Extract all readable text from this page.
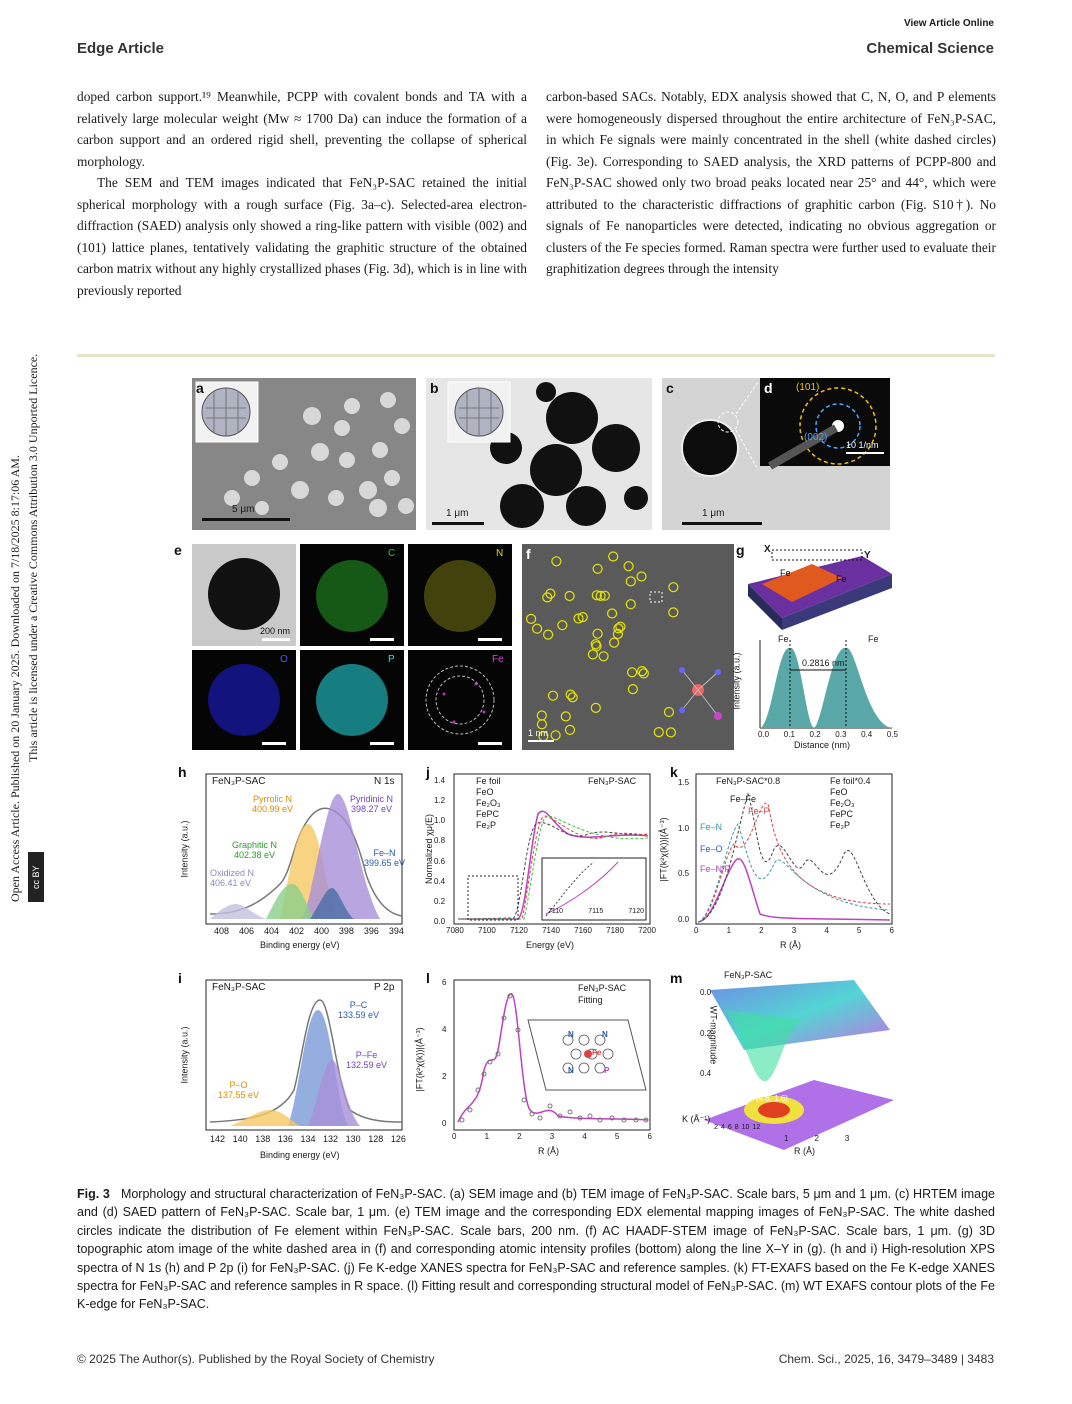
View Article Online
Edge Article	Chemical Science
Open Access Article. Published on 20 January 2025. Downloaded on 7/18/2025 8:17:06 AM. This article is licensed under a Creative Commons Attribution 3.0 Unported Licence.
cc BY

doped carbon support.¹⁹ Meanwhile, PCPP with covalent bonds and TA with a relatively large molecular weight (Mw ≈ 1700 Da) can induce the formation of a carbon support and an ordered rigid shell, preventing the collapse of spherical morphology.

The SEM and TEM images indicated that FeN₃P-SAC retained the initial spherical morphology with a rough surface (Fig. 3a–c). Selected-area electron-diffraction (SAED) analysis only showed a ring-like pattern with visible (002) and (101) lattice planes, tentatively validating the graphitic structure of the obtained carbon matrix without any highly crystallized phases (Fig. 3d), which is in line with previously reported

carbon-based SACs. Notably, EDX analysis showed that C, N, O, and P elements were homogeneously dispersed throughout the entire architecture of FeN₃P-SAC, in which Fe signals were mainly concentrated in the shell (white dashed circles) (Fig. 3e). Corresponding to SAED analysis, the XRD patterns of PCPP-800 and FeN₃P-SAC showed only two broad peaks located near 25° and 44°, which were attributed to the characteristic diffractions of graphitic carbon (Fig. S10†). No signals of Fe nanoparticles were detected, indicating no obvious aggregation or clusters of the Fe species formed. Raman spectra were further used to evaluate their graphitization degrees through the intensity

a
5 μm
b
1 μm
c
1 μm
d (101)
(002)
10 1/nm
e
200 nm
C	N
O	P	Fe
f
1 nm
g X
Y
Fe
Fe
Fe	Fe
0.2816 nm
Intensity (a.u.)
0.0 0.1 0.2 0.3 0.4 0.5
Distance (nm)
h
FeN₃P-SAC	N 1s
Pyrrolic N
400.99 eV
Pyridinic N
398.27 eV
Graphitic N
402.38 eV	Fe–N
399.65 eV
Oxidized N
406.41 eV
Intensity (a.u.)
408 406 404 402 400 398 396 394
Binding energy (eV)
j
Fe foil
FeO
Fe₂O₃
FePC
Fe₂P
FeN₃P-SAC
Normalized χμ(E)
0.0
0.2
0.4
0.6
0.8
1.0
1.2
1.4
7080 7100 7120 7140 7160 7180 7200
Energy (eV)
7110	7115	7120
k
FeN₃P-SAC*0.8	Fe foil*0.4
FeO
Fe₂O₃
FePC
Fe₂P
Fe–Fe
Fe–P
Fe–N
Fe–O
Fe–N/P
|FT(k²χ(k))|(Å⁻³)
0.0
0.5
1.0
1.5
0	1	2	3	4	5	6
R (Å)
i
FeN₃P-SAC	P 2p
P–C
133.59 eV
P–Fe
132.59 eV
P–O
137.55 eV
Intensity (a.u.)
142 140 138 136 134 132 130 128 126
Binding energy (eV)
l
FeN₃P-SAC
Fitting
N	N
N	P
Fe
|FT(k²χ(k))|(Å⁻³)
0
2
4
6
0	1	2	3	4	5	6
R (Å)
m	FeN₃P-SAC
WT-magnitude
0.0
0.2
0.4
(4.6, 1.6)
K (Å⁻¹)
R (Å)
2 4 6 8 10 12
1	2	3
Fig. 3 Morphology and structural characterization of FeN₃P-SAC. (a) SEM image and (b) TEM image of FeN₃P-SAC. Scale bars, 5 μm and 1 μm. (c) HRTEM image and (d) SAED pattern of FeN₃P-SAC. Scale bar, 1 μm. (e) TEM image and the corresponding EDX elemental mapping images of FeN₃P-SAC. The white dashed circles indicate the distribution of Fe element within FeN₃P-SAC. Scale bars, 200 nm. (f) AC HAADF-STEM image of FeN₃P-SAC. Scale bars, 1 μm. (g) 3D topographic atom image of the white dashed area in (f) and corresponding atomic intensity profiles (bottom) along the line X–Y in (g). (h and i) High-resolution XPS spectra of N 1s (h) and P 2p (i) for FeN₃P-SAC. (j) Fe K-edge XANES spectra for FeN₃P-SAC and reference samples. (k) FT-EXAFS based on the Fe K-edge XANES spectra for FeN₃P-SAC and reference samples in R space. (l) Fitting result and corresponding structural model of FeN₃P-SAC. (m) WT EXAFS contour plots of the Fe K-edge for FeN₃P-SAC.
© 2025 The Author(s). Published by the Royal Society of Chemistry	Chem. Sci., 2025, 16, 3479–3489 | 3483
